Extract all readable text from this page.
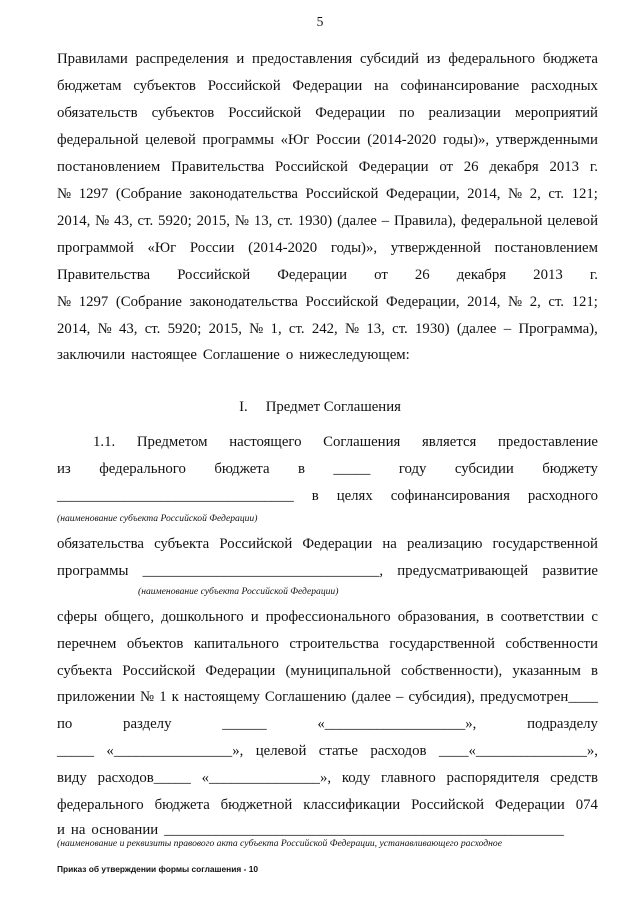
5
Правилами распределения и предоставления субсидий из федерального бюджета
бюджетам субъектов Российской Федерации на софинансирование расходных
обязательств субъектов Российской Федерации по реализации мероприятий
федеральной целевой программы «Юг России (2014-2020 годы)», утвержденными
постановлением Правительства Российской Федерации от 26 декабря 2013 г.
№ 1297 (Собрание законодательства Российской Федерации, 2014, № 2, ст. 121;
2014, № 43, ст. 5920; 2015, № 13, ст. 1930) (далее – Правила), федеральной целевой
программой «Юг России (2014-2020 годы)», утвержденной постановлением
Правительства Российской Федерации от 26 декабря 2013 г.
№ 1297 (Собрание законодательства Российской Федерации, 2014, № 2, ст. 121;
2014, № 43, ст. 5920; 2015, № 1, ст. 242, № 13, ст. 1930) (далее – Программа),
заключили настоящее Соглашение о нижеследующем:
1.1. Предметом настоящего Соглашения является предоставление
из федерального бюджета в _____ году субсидии бюджету
________________________________ в целях софинансирования расходного
обязательства субъекта Российской Федерации на реализацию государственной
программы ________________________________, предусматривающей развитие
сферы общего, дошкольного и профессионального образования, в соответствии с
перечнем объектов капитального строительства государственной собственности
субъекта Российской Федерации (муниципальной собственности), указанным в
приложении № 1 к настоящему Соглашению (далее – субсидия), предусмотрен____
по	разделу	______	«___________________»,	подразделу
_____ «________________», целевой статье расходов ____«_______________»,
виду расходов_____ «_______________», коду главного распорядителя средств
федерального бюджета бюджетной классификации Российской Федерации 074
и на основании ______________________________________________________
I. Предмет Соглашения
(наименование субъекта Российской Федерации)
(наименование субъекта Российской Федерации)
(наименование и реквизиты правового акта субъекта Российской Федерации, устанавливающего расходное
Приказ об утверждении формы соглашения - 10
